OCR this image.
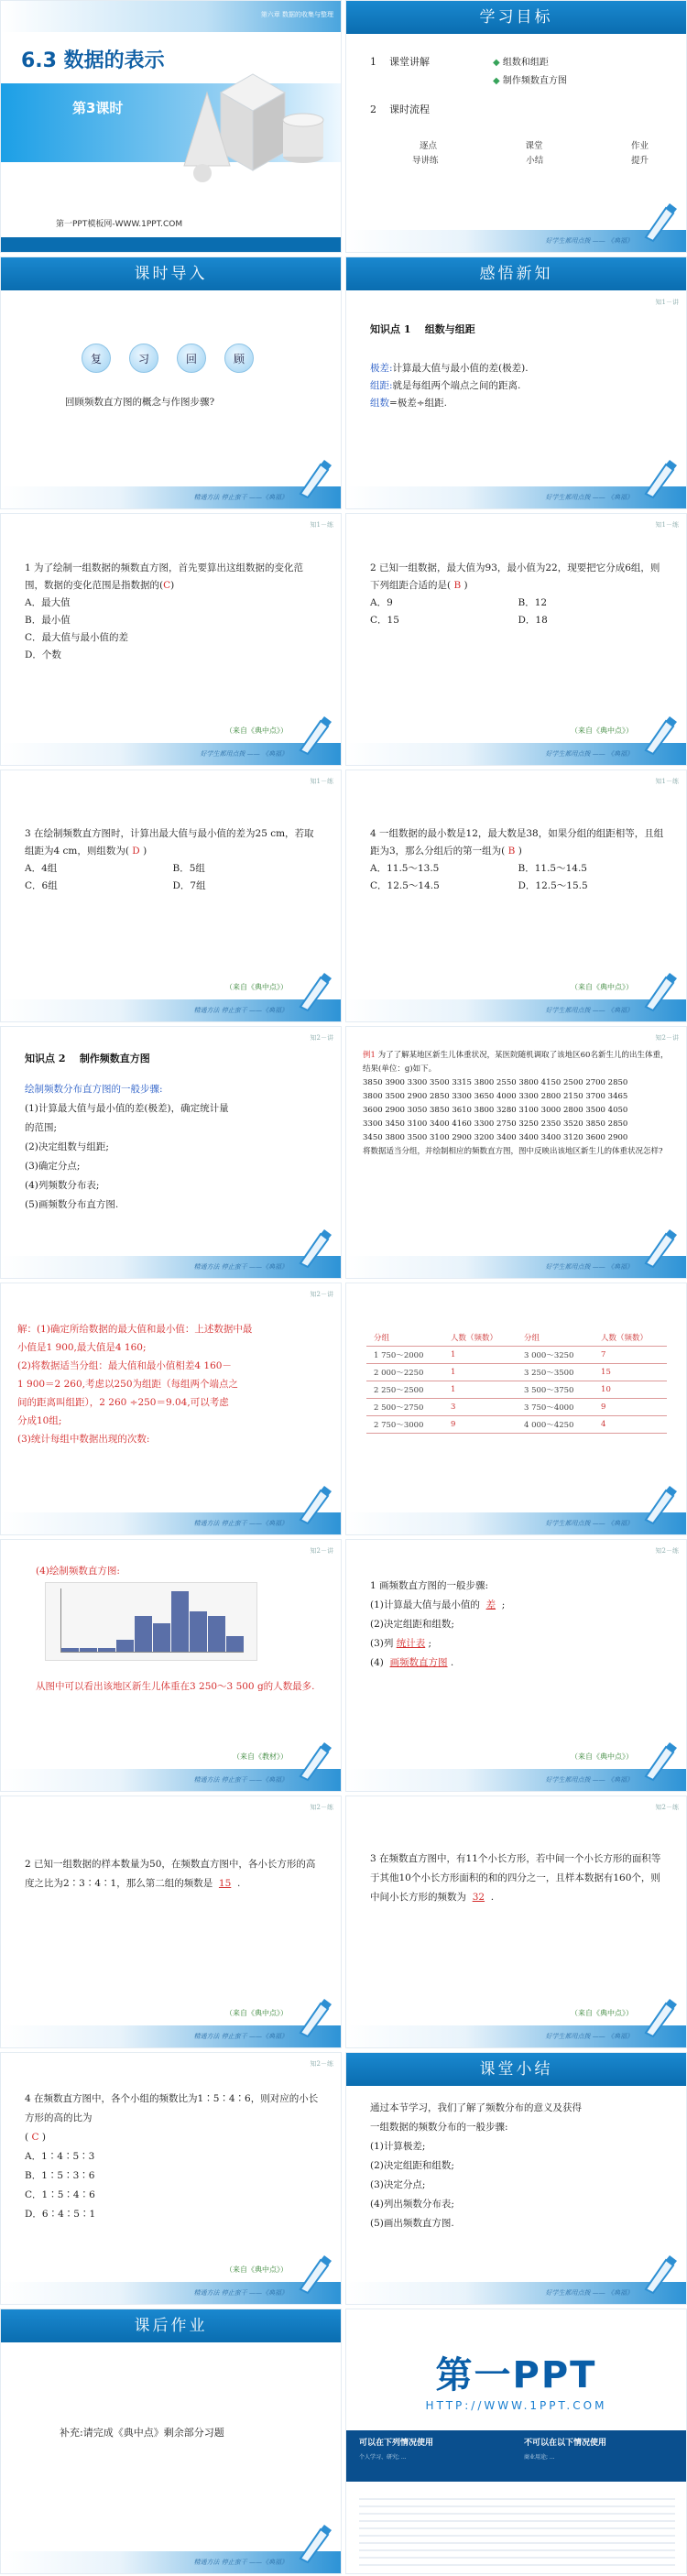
第六章 数据的收集与整理
6.3 数据的表示
第3课时
第一PPT模板网-WWW.1PPT.COM
学习目标
1 课堂讲解	◆ 组数和组距
◆ 制作频数直方图
2 课时流程
逐点	课堂	作业
导讲练	小结	提升
好学生都用点拨 —— 《典福》
课时导入
复	习	回	顾
回顾频数直方图的概念与作图步骤?
精通方法 停止蛮干 ——《典福》
感悟新知
知1－讲
知识点 1 组数与组距
极差:计算最大值与最小值的差(极差).
组距:就是每组两个端点之间的距离.
组数=极差÷组距.
好学生都用点拨 —— 《典福》
知1－练
1 为了绘制一组数据的频数直方图，首先要算出这组数据的变化范围，数据的变化范围是指数据的(C)
A．最大值
B．最小值
C．最大值与最小值的差
D．个数
（来自《典中点》）
好学生都用点拨 —— 《典福》
知1－练
2 已知一组数据，最大值为93，最小值为22，现要把它分成6组，则下列组距合适的是( B )
A．9	B．12
C．15	D．18
（来自《典中点》）
好学生都用点拨 —— 《典福》
知1－练
3 在绘制频数直方图时，计算出最大值与最小值的差为25 cm，若取组距为4 cm，则组数为( D )
A．4组	B．5组
C．6组	D．7组
（来自《典中点》）
精通方法 停止蛮干 ——《典福》
知1－练
4 一组数据的最小数是12，最大数是38，如果分组的组距相等，且组距为3，那么分组后的第一组为( B )
A．11.5～13.5	B．11.5～14.5
C．12.5～14.5	D．12.5～15.5
（来自《典中点》）
好学生都用点拨 —— 《典福》
知2－讲
知识点 2 制作频数直方图
绘制频数分布直方图的一般步骤:
(1)计算最大值与最小值的差(极差)，确定统计量
的范围;
(2)决定组数与组距;
(3)确定分点;
(4)列频数分布表;
(5)画频数分布直方图.
精通方法 停止蛮干 ——《典福》
知2－讲
例1 为了了解某地区新生儿体重状况，某医院随机调取了该地区60名新生儿的出生体重，结果(单位：g)如下。
3850 3900 3300 3500 3315 3800 2550 3800 4150 2500 2700 2850
3800 3500 2900 2850 3300 3650 4000 3300 2800 2150 3700 3465
3600 2900 3050 3850 3610 3800 3280 3100 3000 2800 3500 4050
3300 3450 3100 3400 4160 3300 2750 3250 2350 3520 3850 2850
3450 3800 3500 3100 2900 3200 3400 3400 3400 3120 3600 2900
将数据适当分组，并绘制相应的频数直方图，图中反映出该地区新生儿的体重状况怎样?
好学生都用点拨 —— 《典福》
知2－讲
解：(1)确定所给数据的最大值和最小值：上述数据中最
小值是1 900,最大值是4 160;
(2)将数据适当分组：最大值和最小值相差4 160－
1 900＝2 260,考虑以250为组距（每组两个端点之
间的距离叫组距），2 260 ÷250＝9.04,可以考虑
分成10组;
(3)统计每组中数据出现的次数:
精通方法 停止蛮干 ——《典福》
分组	人数（频数）	分组	人数（频数）
1 750～2000	1	3 000～3250	7
2 000～2250	1	3 250～3500	15
2 250～2500	1	3 500～3750	10
2 500～2750	3	3 750～4000	9
2 750～3000	9	4 000～4250	4
好学生都用点拨 —— 《典福》
知2－讲
(4)绘制频数直方图:
从图中可以看出该地区新生儿体重在3 250～3 500 g的人数最多.
（来自《教材》）
精通方法 停止蛮干 ——《典福》
知2－练
1 画频数直方图的一般步骤:
(1)计算最大值与最小值的 差  ;
(2)决定组距和组数;
(3)列 统计表 ;
(4) 画频数直方图 .
（来自《典中点》）
好学生都用点拨 —— 《典福》
知2－练
2 已知一组数据的样本数量为50，在频数直方图中，各小长方形的高度之比为2∶3∶4∶1，那么第二组的频数是 15  .
（来自《典中点》）
精通方法 停止蛮干 ——《典福》
知2－练
3 在频数直方图中，有11个小长方形，若中间一个小长方形的面积等于其他10个小长方形面积的和的四分之一，且样本数据有160个，则中间小长方形的频数为 32  .
（来自《典中点》）
好学生都用点拨 —— 《典福》
知2－练
4 在频数直方图中，各个小组的频数比为1∶5∶4∶6，则对应的小长方形的高的比为
( C )
A．1∶4∶5∶3
B．1∶5∶3∶6
C．1∶5∶4∶6
D．6∶4∶5∶1
（来自《典中点》）
精通方法 停止蛮干 ——《典福》
课堂小结
通过本节学习，我们了解了频数分布的意义及获得
一组数据的频数分布的一般步骤:
(1)计算极差;
(2)决定组距和组数;
(3)决定分点;
(4)列出频数分布表;
(5)画出频数直方图.
好学生都用点拨 —— 《典福》
课后作业
补充:请完成《典中点》剩余部分习题
精通方法 停止蛮干 ——《典福》
第一PPT
HTTP://WWW.1PPT.COM
可以在下列情况使用	不可以在以下情况使用
个人学习、研究; ...	商业用途; ...
